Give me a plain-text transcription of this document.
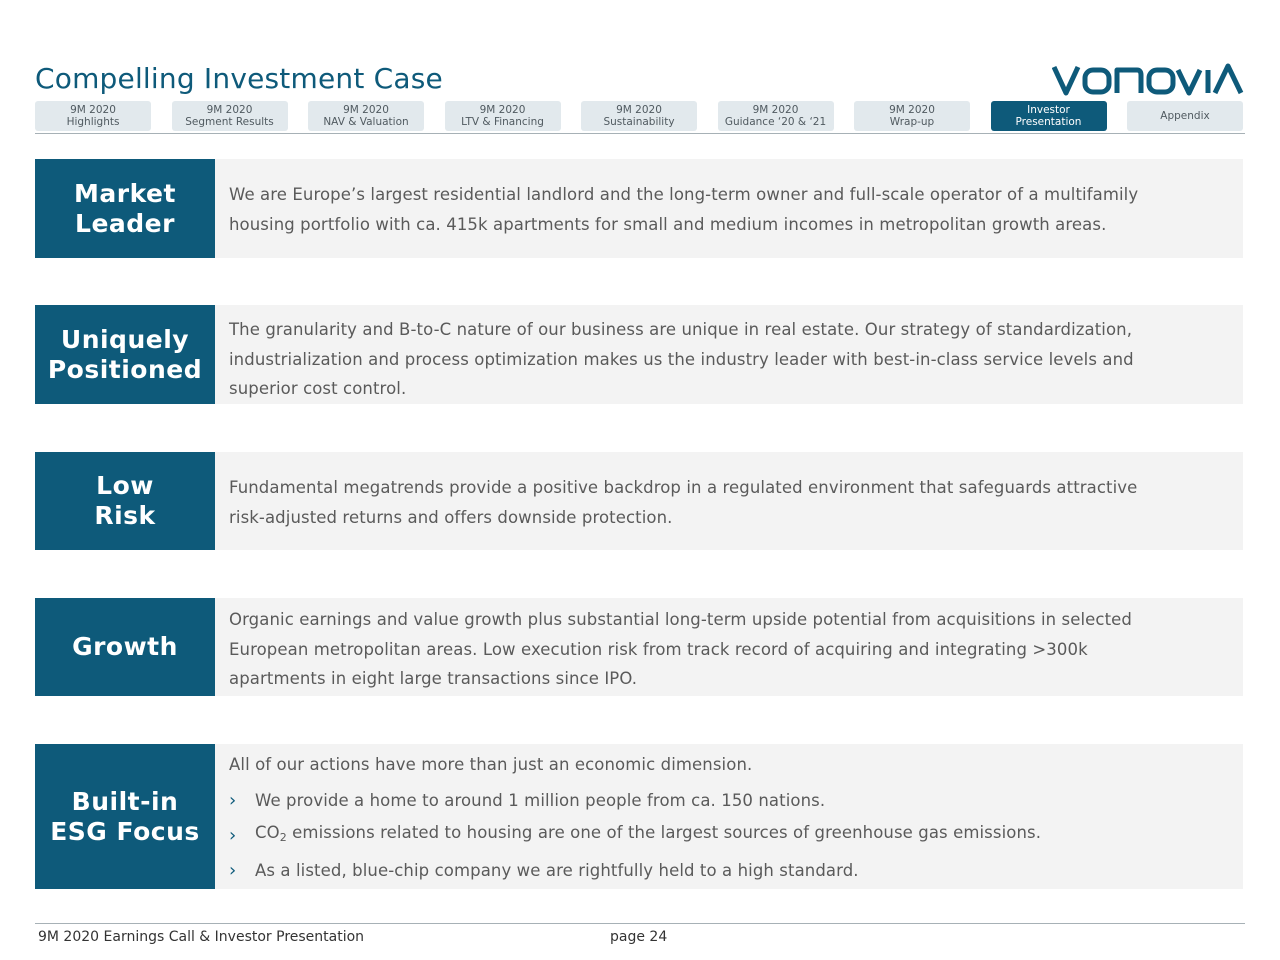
Compelling Investment Case
9M 2020
Highlights
9M 2020
Segment Results
9M 2020
NAV & Valuation
9M 2020
LTV & Financing
9M 2020
Sustainability
9M 2020
Guidance ‘20 & ‘21
9M 2020
Wrap-up
Investor
Presentation
Appendix
Market
Leader
We are Europe’s largest residential landlord and the long-term owner and full-scale operator of a multifamily
housing portfolio with ca. 415k apartments for small and medium incomes in metropolitan growth areas.
Uniquely
Positioned
The granularity and B-to-C nature of our business are unique in real estate. Our strategy of standardization,
industrialization and process optimization makes us the industry leader with best-in-class service levels and
superior cost control.
Low
Risk
Fundamental megatrends provide a positive backdrop in a regulated environment that safeguards attractive
risk-adjusted returns and offers downside protection.
Growth
Organic earnings and value growth plus substantial long-term upside potential from acquisitions in selected
European metropolitan areas. Low execution risk from track record of acquiring and integrating >300k
apartments in eight large transactions since IPO.
Built-in
ESG Focus
All of our actions have more than just an economic dimension.
›	We provide a home to around 1 million people from ca. 150 nations.
›	$CO_2$ emissions related to housing are one of the largest sources of greenhouse gas emissions.
›	As a listed, blue-chip company we are rightfully held to a high standard.
9M 2020 Earnings Call & Investor Presentation	page 24
